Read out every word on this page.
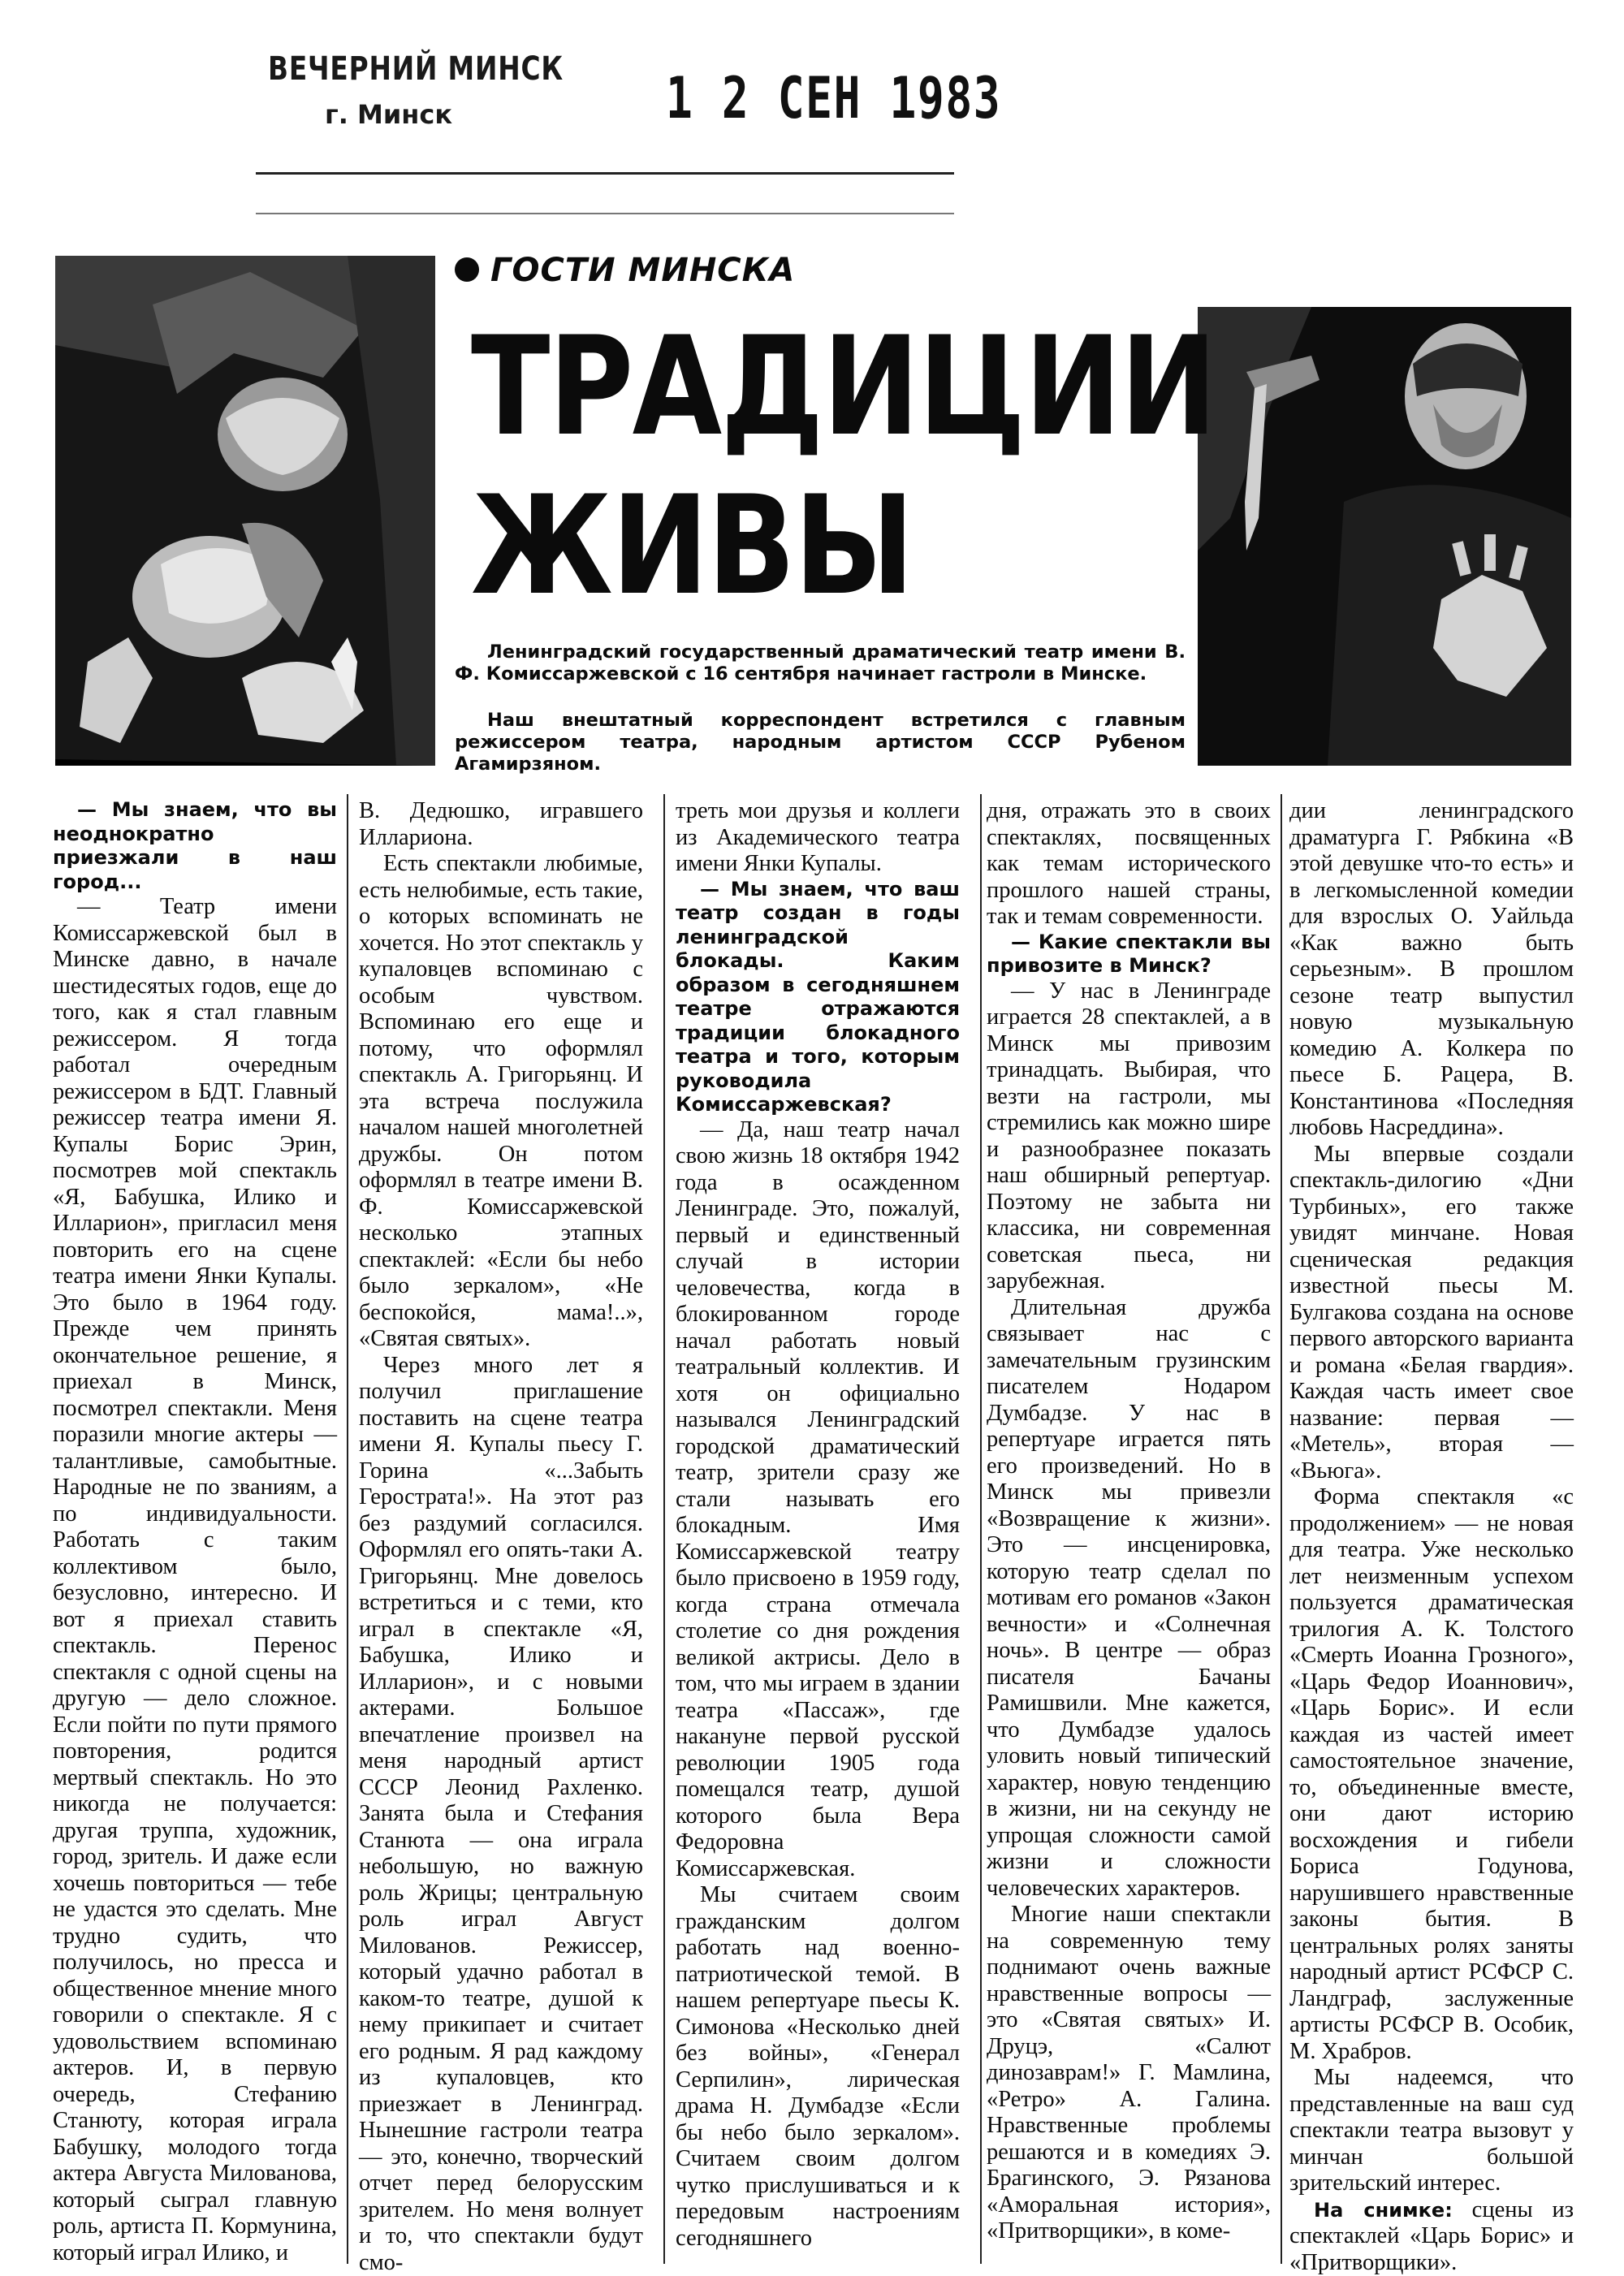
ВЕЧЕРНИЙ МИНСК
г. Минск	1 2 СЕН 1983
ГОСТИ МИНСКА
ТРАДИЦИИ
ЖИВЫ
Ленинградский государственный драматический театр имени В. Ф. Комиссаржевской с 16 сентября начинает гастроли в Минске.
Наш внештатный корреспондент встретился с главным режиссером театра, народным артистом СССР Рубеном Агамирзяном.

— Мы знаем, что вы неоднократно приезжали в наш город...

— Театр имени Комиссаржевской был в Минске давно, в начале шестидесятых годов, еще до того, как я стал главным режиссером. Я тогда работал очередным режиссером в БДТ. Главный режиссер театра имени Я. Купалы Борис Эрин, посмотрев мой спектакль «Я, Бабушка, Илико и Илларион», пригласил меня повторить его на сцене театра имени Янки Купалы. Это было в 1964 году. Прежде чем принять окончательное решение, я приехал в Минск, посмотрел спектакли. Меня поразили многие актеры — талантливые, самобытные. Народные не по званиям, а по индивидуальности. Работать с таким коллективом было, безусловно, интересно. И вот я приехал ставить спектакль. Перенос спектакля с одной сцены на другую — дело сложное. Если пойти по пути прямого повторения, родится мертвый спектакль. Но это никогда не получается: другая труппа, художник, город, зритель. И даже если хочешь повториться — тебе не удастся это сделать. Мне трудно судить, что получилось, но пресса и общественное мнение много говорили о спектакле. Я с удовольствием вспоминаю актеров. И, в первую очередь, Стефанию Станюту, которая играла Бабушку, молодого тогда актера Августа Милованова, который сыграл главную роль, артиста П. Кормунина, который играл Илико, и

В. Дедюшко, игравшего Иллариона.

Есть спектакли любимые, есть нелюбимые, есть такие, о которых вспоминать не хочется. Но этот спектакль у купаловцев вспоминаю с особым чувством. Вспоминаю его еще и потому, что оформлял спектакль А. Григорьянц. И эта встреча послужила началом нашей многолетней дружбы. Он потом оформлял в театре имени В. Ф. Комиссаржевской несколько этапных спектаклей: «Если бы небо было зеркалом», «Не беспокойся, мама!..», «Святая святых».

Через много лет я получил приглашение поставить на сцене театра имени Я. Купалы пьесу Г. Горина «...Забыть Герострата!». На этот раз без раздумий согласился. Оформлял его опять-таки А. Григорьянц. Мне довелось встретиться и с теми, кто играл в спектакле «Я, Бабушка, Илико и Илларион», и с новыми актерами. Большое впечатление произвел на меня народный артист СССР Леонид Рахленко. Занята была и Стефания Станюта — она играла небольшую, но важную роль Жрицы; центральную роль играл Август Милованов. Режиссер, который удачно работал в каком-то театре, душой к нему прикипает и считает его родным. Я рад каждому из купаловцев, кто приезжает в Ленинград. Нынешние гастроли театра — это, конечно, творческий отчет перед белорусским зрителем. Но меня волнует и то, что спектакли будут смо-

треть мои друзья и коллеги из Академического театра имени Янки Купалы.

— Мы знаем, что ваш театр создан в годы ленинградской блокады. Каким образом в сегодняшнем театре отражаются традиции блокадного театра и того, которым руководила Комиссаржевская?

— Да, наш театр начал свою жизнь 18 октября 1942 года в осажденном Ленинграде. Это, пожалуй, первый и единственный случай в истории человечества, когда в блокированном городе начал работать новый театральный коллектив. И хотя он официально назывался Ленинградский городской драматический театр, зрители сразу же стали называть его блокадным. Имя Комиссаржевской театру было присвоено в 1959 году, когда страна отмечала столетие со дня рождения великой актрисы. Дело в том, что мы играем в здании театра «Пассаж», где накануне первой русской революции 1905 года помещался театр, душой которого была Вера Федоровна Комиссаржевская.

Мы считаем своим гражданским долгом работать над военно-патриотической темой. В нашем репертуаре пьесы К. Симонова «Несколько дней без войны», «Генерал Серпилин», лирическая драма Н. Думбадзе «Если бы небо было зеркалом». Считаем своим долгом чутко прислушиваться и к передовым настроениям сегодняшнего

дня, отражать это в своих спектаклях, посвященных как темам исторического прошлого нашей страны, так и темам современности.

— Какие спектакли вы привозите в Минск?

— У нас в Ленинграде играется 28 спектаклей, а в Минск мы привозим тринадцать. Выбирая, что везти на гастроли, мы стремились как можно шире и разнообразнее показать наш обширный репертуар. Поэтому не забыта ни классика, ни современная советская пьеса, ни зарубежная.

Длительная дружба связывает нас с замечательным грузинским писателем Нодаром Думбадзе. У нас в репертуаре играется пять его произведений. Но в Минск мы привезли «Возвращение к жизни». Это — инсценировка, которую театр сделал по мотивам его романов «Закон вечности» и «Солнечная ночь». В центре — образ писателя Бачаны Рамишвили. Мне кажется, что Думбадзе удалось уловить новый типический характер, новую тенденцию в жизни, ни на секунду не упрощая сложности самой жизни и сложности человеческих характеров.

Многие наши спектакли на современную тему поднимают очень важные нравственные вопросы — это «Святая святых» И. Друцэ, «Салют динозаврам!» Г. Мамлина, «Ретро» А. Галина. Нравственные проблемы решаются и в комедиях Э. Брагинского, Э. Рязанова «Аморальная история», «Притворщики», в коме-

дии ленинградского драматурга Г. Рябкина «В этой девушке что-то есть» и в легкомысленной комедии для взрослых О. Уайльда «Как важно быть серьезным». В прошлом сезоне театр выпустил новую музыкальную комедию А. Колкера по пьесе Б. Рацера, В. Константинова «Последняя любовь Насреддина».

Мы впервые создали спектакль-дилогию «Дни Турбиных», его также увидят минчане. Новая сценическая редакция известной пьесы М. Булгакова создана на основе первого авторского варианта и романа «Белая гвардия». Каждая часть имеет свое название: первая — «Метель», вторая — «Вьюга».

Форма спектакля «с продолжением» — не новая для театра. Уже несколько лет неизменным успехом пользуется драматическая трилогия А. К. Толстого «Смерть Иоанна Грозного», «Царь Федор Иоаннович», «Царь Борис». И если каждая из частей имеет самостоятельное значение, то, объединенные вместе, они дают историю восхождения и гибели Бориса Годунова, нарушившего нравственные законы бытия. В центральных ролях заняты народный артист РСФСР С. Ландграф, заслуженные артисты РСФСР В. Особик, М. Храбров.

Мы надеемся, что представленные на ваш суд спектакли театра вызовут у минчан большой зрительский интерес.

На снимке: сцены из спектаклей «Царь Борис» и «Притворщики».
